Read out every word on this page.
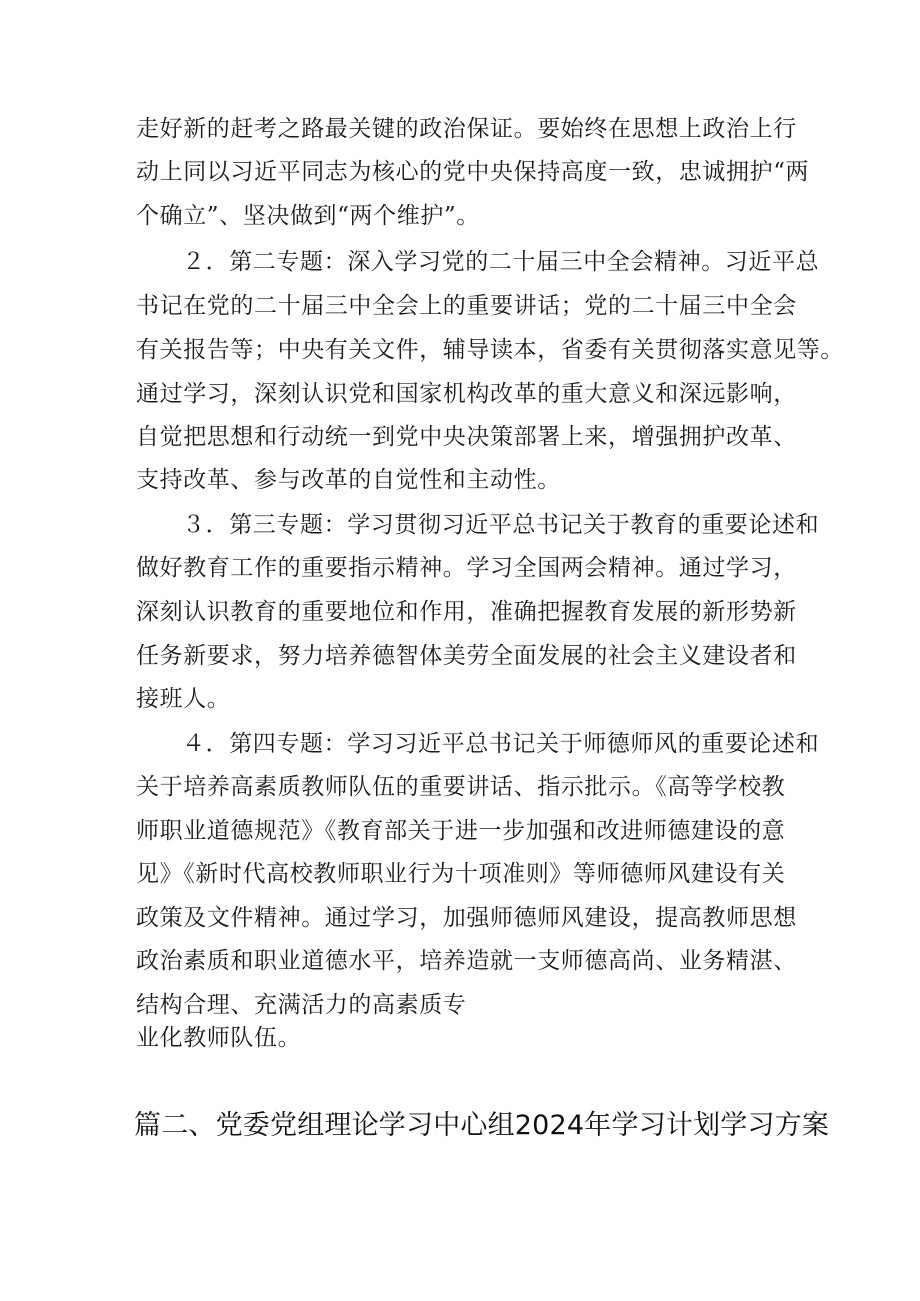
走好新的赶考之路最关键的政治保证。要始终在思想上政治上行
动上同以习近平同志为核心的党中央保持高度一致，忠诚拥护“两
个确立”、坚决做到“两个维护”。
２．第二专题：深入学习党的二十届三中全会精神。习近平总
书记在党的二十届三中全会上的重要讲话；党的二十届三中全会
有关报告等；中央有关文件，辅导读本，省委有关贯彻落实意见等。
通过学习，深刻认识党和国家机构改革的重大意义和深远影响，
自觉把思想和行动统一到党中央决策部署上来，增强拥护改革、
支持改革、参与改革的自觉性和主动性。
３．第三专题：学习贯彻习近平总书记关于教育的重要论述和
做好教育工作的重要指示精神。学习全国两会精神。通过学习，
深刻认识教育的重要地位和作用，准确把握教育发展的新形势新
任务新要求，努力培养德智体美劳全面发展的社会主义建设者和
接班人。
４．第四专题：学习习近平总书记关于师德师风的重要论述和
关于培养高素质教师队伍的重要讲话、指示批示。《高等学校教
师职业道德规范》《教育部关于进一步加强和改进师德建设的意
见》《新时代高校教师职业行为十项准则》等师德师风建设有关
政策及文件精神。通过学习，加强师德师风建设，提高教师思想
政治素质和职业道德水平，培养造就一支师德高尚、业务精湛、
结构合理、充满活力的高素质专
业化教师队伍。
篇二、党委党组理论学习中心组2024年学习计划学习方案
